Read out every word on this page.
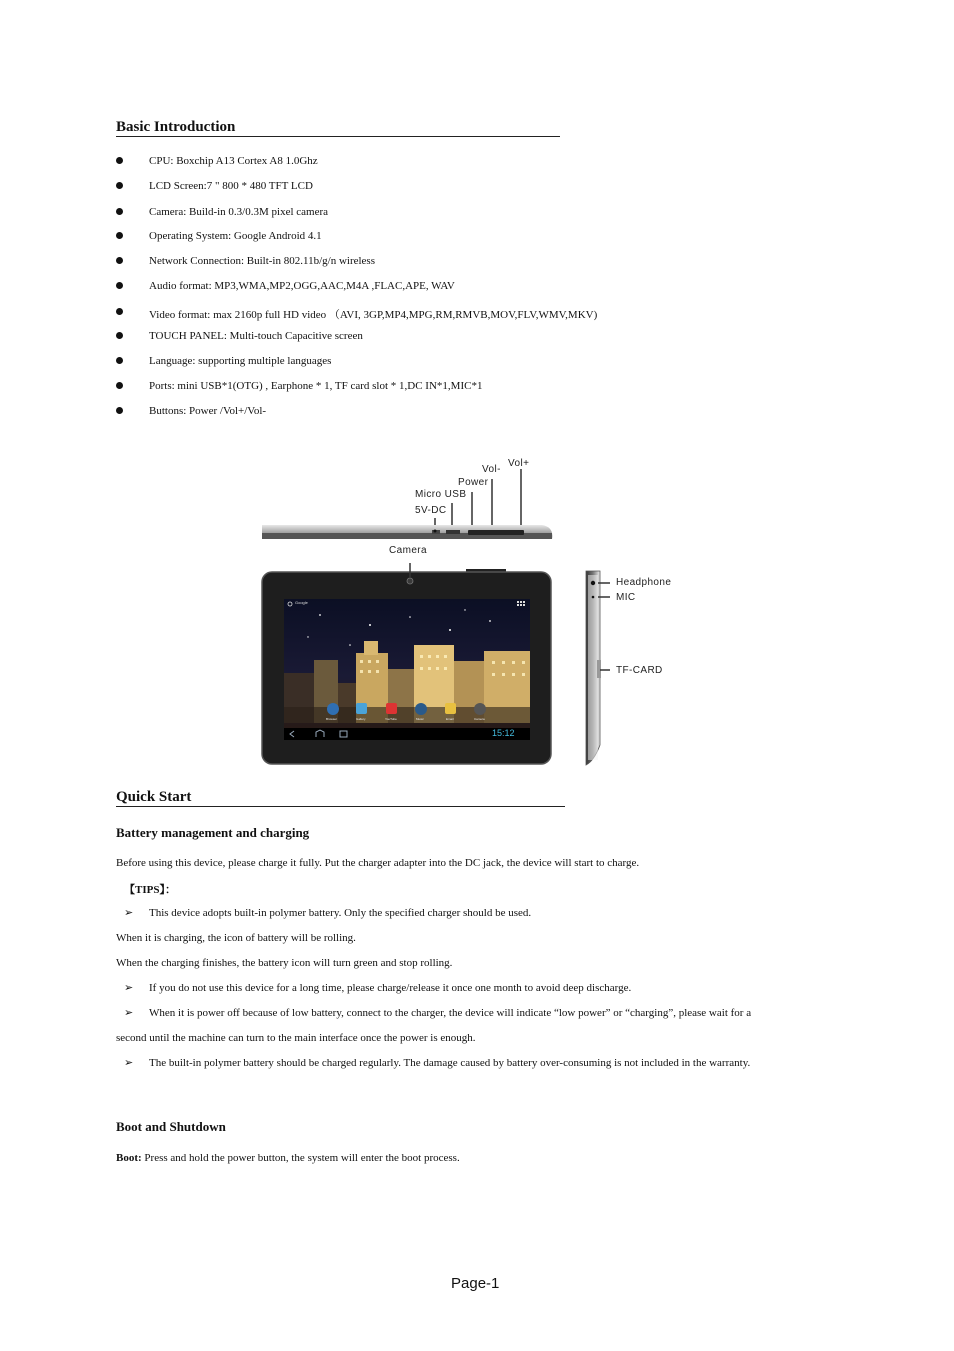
Basic Introduction
CPU: Boxchip A13 Cortex A8 1.0Ghz
LCD Screen:7 " 800 * 480 TFT LCD
Camera: Build-in 0.3/0.3M pixel camera
Operating System: Google Android 4.1
Network Connection: Built-in 802.11b/g/n wireless
Audio format: MP3,WMA,MP2,OGG,AAC,M4A ,FLAC,APE, WAV
Video format: max 2160p full HD video （AVI, 3GP,MP4,MPG,RM,RMVB,MOV,FLV,WMV,MKV)
TOUCH PANEL: Multi-touch Capacitive screen
Language: supporting multiple languages
Ports: mini USB*1(OTG) , Earphone * 1, TF card slot * 1,DC IN*1,MIC*1
Buttons: Power /Vol+/Vol-
Vol+
Vol-
Power
Micro USB
5V-DC
Camera
Headphone
MIC
TF-CARD
15:12
Google
Browser	Gallery	YouTube	Music	Email	Camera
Quick Start
Battery management and charging
Before using this device, please charge it fully. Put the charger adapter into the DC jack, the device will start to charge.
【TIPS】：
➢ This device adopts built-in polymer battery. Only the specified charger should be used.
When it is charging, the icon of battery will be rolling.
When the charging finishes, the battery icon will turn green and stop rolling.
➢ If you do not use this device for a long time, please charge/release it once one month to avoid deep discharge.
➢ When it is power off because of low battery, connect to the charger, the device will indicate “low power” or “charging”, please wait for a
second until the machine can turn to the main interface once the power is enough.
➢ The built-in polymer battery should be charged regularly. The damage caused by battery over-consuming is not included in the warranty.
Boot and Shutdown
Boot: Press and hold the power button, the system will enter the boot process.
Page-1
